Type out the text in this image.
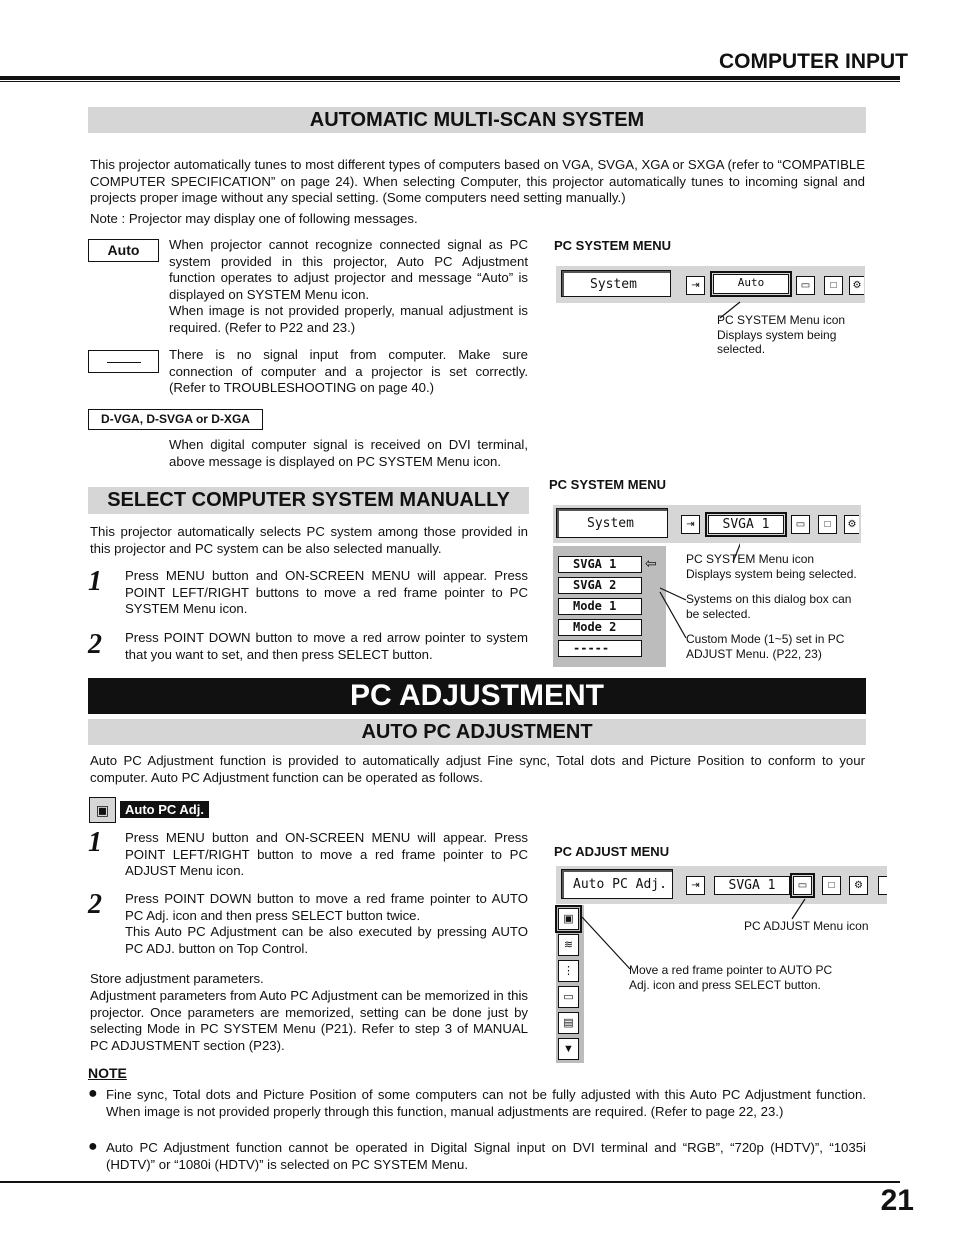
COMPUTER INPUT
AUTOMATIC MULTI-SCAN SYSTEM
This projector automatically tunes to most different types of computers based on VGA, SVGA, XGA or SXGA (refer to “COMPATIBLE COMPUTER SPECIFICATION” on page 24). When selecting Computer, this projector automatically tunes to incoming signal and projects proper image without any special setting. (Some computers need setting manually.)
Note : Projector may display one of following messages.
Auto	When projector cannot recognize connected signal as PC system provided in this projector, Auto PC Adjustment function operates to adjust projector and message “Auto” is displayed on SYSTEM Menu icon.
When image is not provided properly, manual adjustment is required. (Refer to P22 and 23.)
There is no signal input from computer. Make sure connection of computer and a projector is set correctly. (Refer to TROUBLESHOOTING on page 40.)
D-VGA, D-SVGA or D-XGA
When digital computer signal is received on DVI terminal, above message is displayed on PC SYSTEM Menu icon.
PC SYSTEM MENU
System	⇥	Auto	▭	□	⚙
PC SYSTEM Menu icon
Displays system being
selected.
SELECT COMPUTER SYSTEM MANUALLY
This projector automatically selects PC system among those provided in this projector and PC system can be also selected manually.
1 Press MENU button and ON-SCREEN MENU will appear. Press POINT LEFT/RIGHT buttons to move a red frame pointer to PC SYSTEM Menu icon.
2 Press POINT DOWN button to move a red arrow pointer to system that you want to set, and then press SELECT button.
PC SYSTEM MENU
System	⇥	SVGA 1	▭	□	⚙
SVGA 1
SVGA 2
Mode 1
Mode 2
-----
⇦ PC SYSTEM Menu icon
Displays system being selected.
Systems on this dialog box can
be selected.
Custom Mode (1~5) set in PC
ADJUST Menu. (P22, 23)
PC ADJUSTMENT
AUTO PC ADJUSTMENT
Auto PC Adjustment function is provided to automatically adjust Fine sync, Total dots and Picture Position to conform to your computer. Auto PC Adjustment function can be operated as follows.
▣	Auto PC Adj.
1 Press MENU button and ON-SCREEN MENU will appear. Press POINT LEFT/RIGHT button to move a red frame pointer to PC ADJUST Menu icon.
2 Press POINT DOWN button to move a red frame pointer to AUTO PC Adj. icon and then press SELECT button twice.
This Auto PC Adjustment can be also executed by pressing AUTO PC ADJ. button on Top Control.
Store adjustment parameters.
Adjustment parameters from Auto PC Adjustment can be memorized in this projector. Once parameters are memorized, setting can be done just by selecting Mode in PC SYSTEM Menu (P21). Refer to step 3 of MANUAL PC ADJUSTMENT section (P23).
PC ADJUST MENU
Auto PC Adj.	⇥	SVGA 1	▭	□	⚙
▣
≋
⋮
▭
▤
▼
PC ADJUST Menu icon
Move a red frame pointer to AUTO PC
Adj. icon and press SELECT button.
NOTE
● Fine sync, Total dots and Picture Position of some computers can not be fully adjusted with this Auto PC Adjustment function. When image is not provided properly through this function, manual adjustments are required. (Refer to page 22, 23.)
● Auto PC Adjustment function cannot be operated in Digital Signal input on DVI terminal and “RGB”, “720p (HDTV)”, “1035i (HDTV)” or “1080i (HDTV)” is selected on PC SYSTEM Menu.
21
